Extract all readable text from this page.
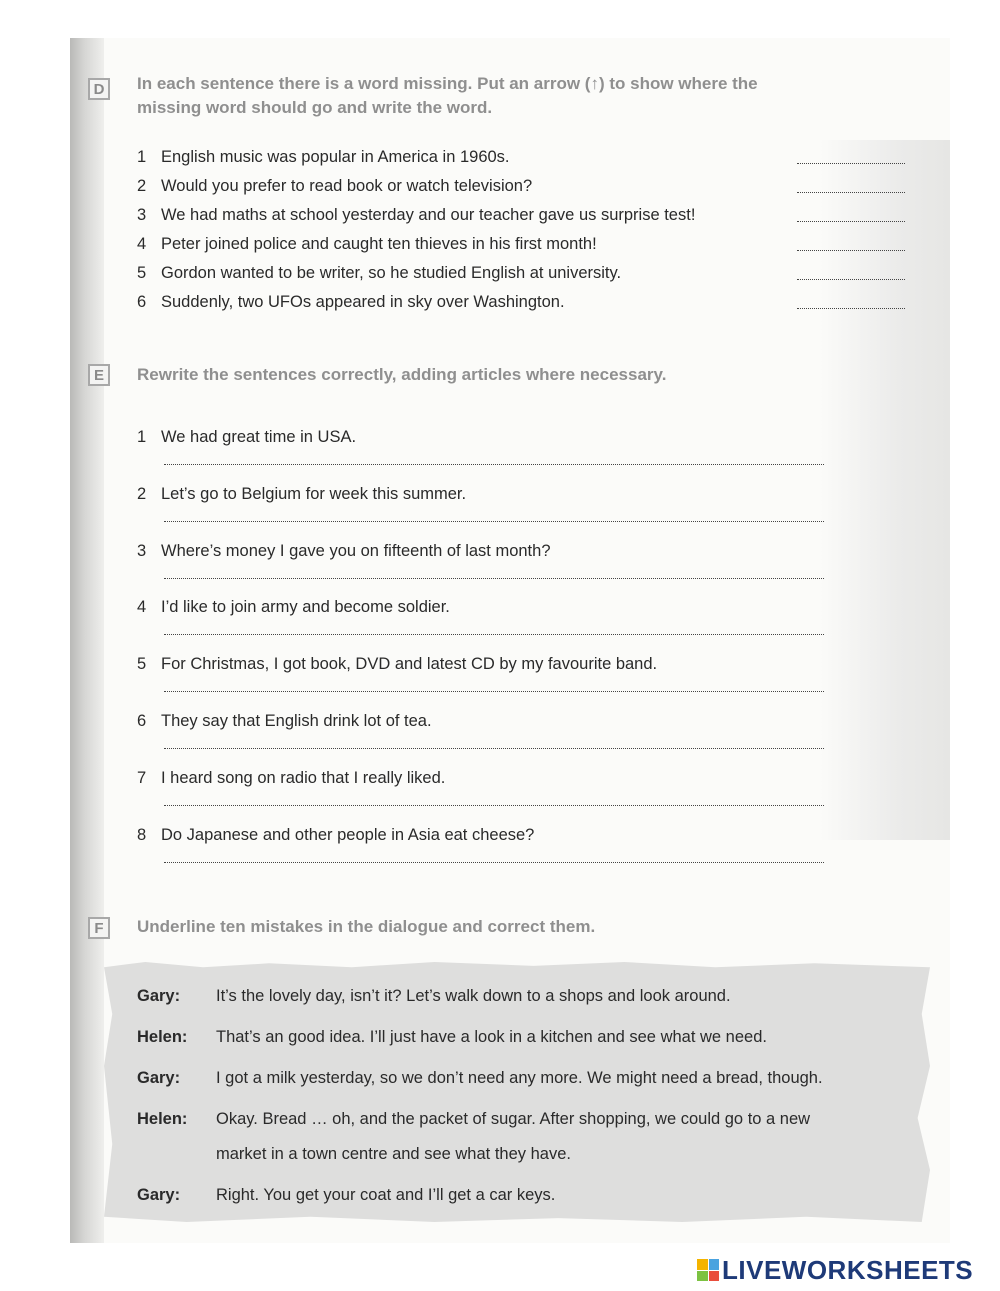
D	In each sentence there is a word missing. Put an arrow (↑) to show where the
missing word should go and write the word.
1 English music was popular in America in 1960s.
2 Would you prefer to read book or watch television?
3 We had maths at school yesterday and our teacher gave us surprise test!
4 Peter joined police and caught ten thieves in his first month!
5 Gordon wanted to be writer, so he studied English at university.
6 Suddenly, two UFOs appeared in sky over Washington.
E	Rewrite the sentences correctly, adding articles where necessary.
1 We had great time in USA.
2 Let’s go to Belgium for week this summer.
3 Where’s money I gave you on fifteenth of last month?
4 I’d like to join army and become soldier.
5 For Christmas, I got book, DVD and latest CD by my favourite band.
6 They say that English drink lot of tea.
7 I heard song on radio that I really liked.
8 Do Japanese and other people in Asia eat cheese?
F	Underline ten mistakes in the dialogue and correct them.
Gary: It’s the lovely day, isn’t it? Let’s walk down to a shops and look around.
Helen: That’s an good idea. I’ll just have a look in a kitchen and see what we need.
Gary: I got a milk yesterday, so we don’t need any more. We might need a bread, though.
Helen: Okay. Bread … oh, and the packet of sugar. After shopping, we could go to a new
market in a town centre and see what they have.
Gary: Right. You get your coat and I’ll get a car keys.
LIVEWORKSHEETS
